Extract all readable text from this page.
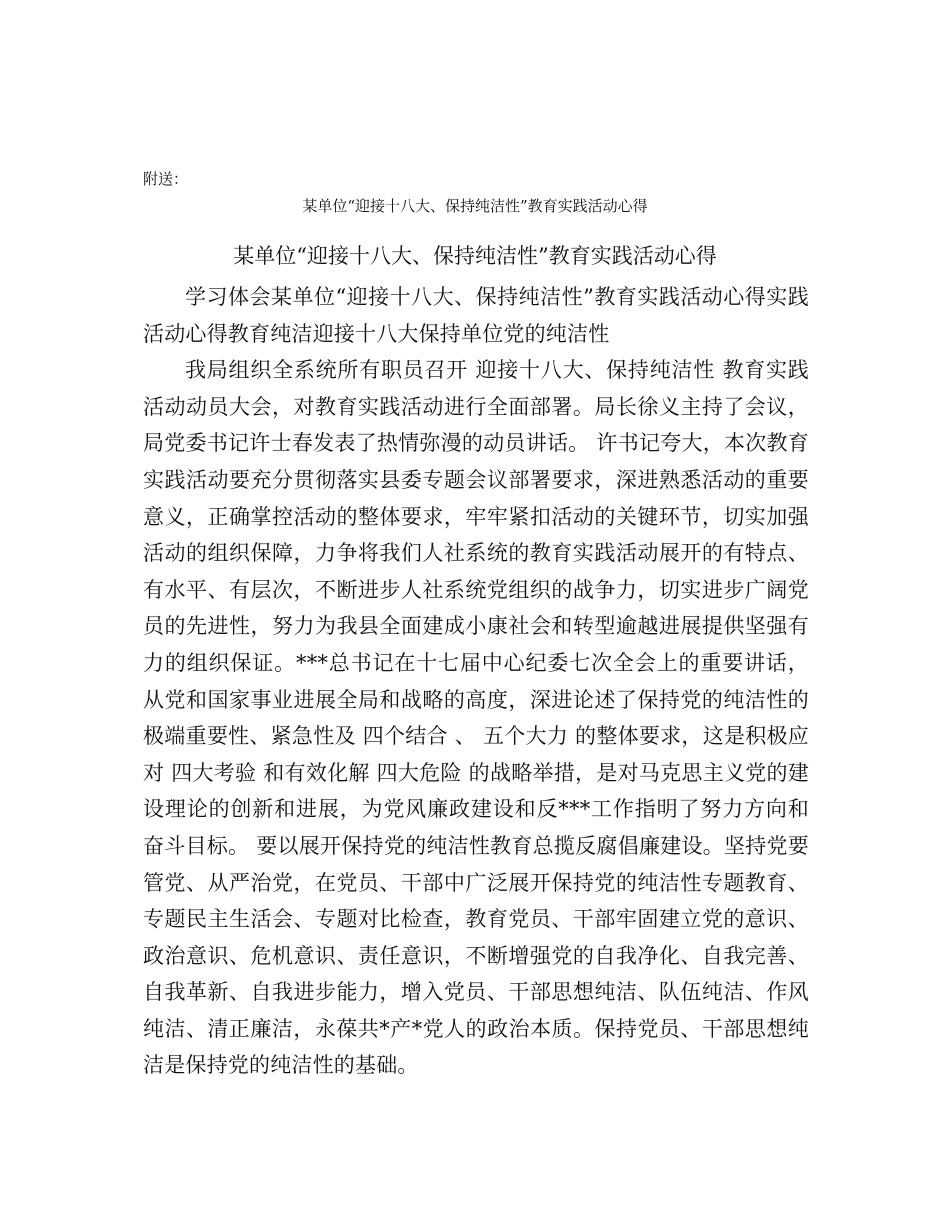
附送：
某单位“迎接十八大、保持纯洁性”教育实践活动心得
某单位“迎接十八大、保持纯洁性”教育实践活动心得

学习体会某单位“迎接十八大、保持纯洁性”教育实践活动心得实践活动心得教育纯洁迎接十八大保持单位党的纯洁性

我局组织全系统所有职员召开 迎接十八大、保持纯洁性 教育实践活动动员大会，对教育实践活动进行全面部署。局长徐义主持了会议，局党委书记许士春发表了热情弥漫的动员讲话。 许书记夸大，本次教育实践活动要充分贯彻落实县委专题会议部署要求，深进熟悉活动的重要意义，正确掌控活动的整体要求，牢牢紧扣活动的关键环节，切实加强活动的组织保障，力争将我们人社系统的教育实践活动展开的有特点、有水平、有层次，不断进步人社系统党组织的战争力，切实进步广阔党员的先进性，努力为我县全面建成小康社会和转型逾越进展提供坚强有力的组织保证。***总书记在十七届中心纪委七次全会上的重要讲话，从党和国家事业进展全局和战略的高度，深进论述了保持党的纯洁性的极端重要性、紧急性及 四个结合 、 五个大力 的整体要求，这是积极应对 四大考验 和有效化解 四大危险 的战略举措，是对马克思主义党的建设理论的创新和进展，为党风廉政建设和反***工作指明了努力方向和奋斗目标。 要以展开保持党的纯洁性教育总揽反腐倡廉建设。坚持党要管党、从严治党，在党员、干部中广泛展开保持党的纯洁性专题教育、专题民主生活会、专题对比检查，教育党员、干部牢固建立党的意识、政治意识、危机意识、责任意识，不断增强党的自我净化、自我完善、自我革新、自我进步能力，增入党员、干部思想纯洁、队伍纯洁、作风纯洁、清正廉洁，永葆共*产*党人的政治本质。保持党员、干部思想纯洁是保持党的纯洁性的基础。
